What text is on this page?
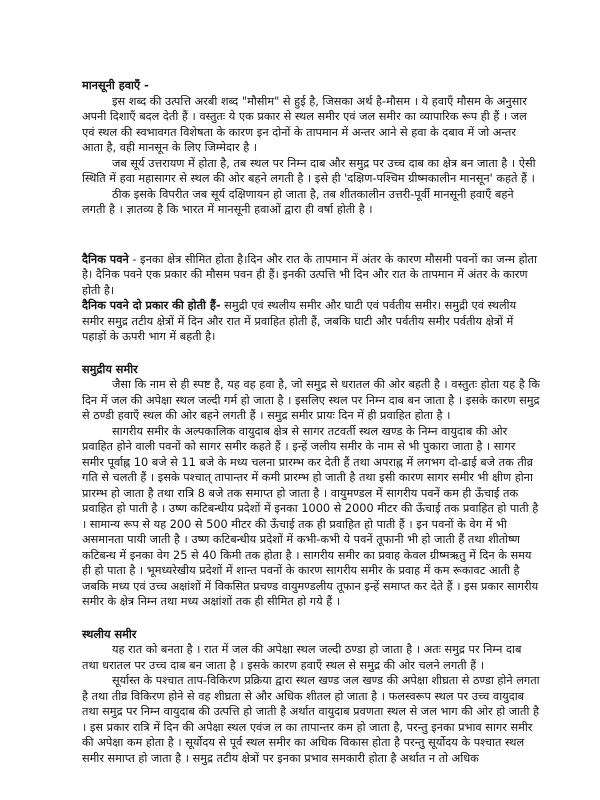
मानसूनी हवाएँ -

इस शब्द की उत्पत्ति अरबी शब्द "मौसीम" से हुई है, जिसका अर्थ है-मौसम । ये हवाएँ मौसम के अनुसार अपनी दिशाएँ बदल देती हैं । वस्तुतः ये एक प्रकार से स्थल समीर एवं जल समीर का व्यापारिक रूप ही हैं । जल एवं स्थल की स्वभावगत विशेषता के कारण इन दोनों के तापमान में अन्तर आने से हवा के दबाव में जो अन्तर आता है, वही मानसून के लिए जिम्मेदार है ।

जब सूर्य उत्तरायण में होता है, तब स्थल पर निम्न दाब और समुद्र पर उच्च दाब का क्षेत्र बन जाता है । ऐसी स्थिति में हवा महासागर से स्थल की ओर बहने लगती है । इसे ही 'दक्षिण-पश्चिम ग्रीष्मकालीन मानसून' कहते हैं ।

ठीक इसके विपरीत जब सूर्य दक्षिणायन हो जाता है, तब शीतकालीन उत्तरी-पूर्वी मानसूनी हवाएँ बहने लगती है । ज्ञातव्य है कि भारत में मानसूनी हवाओं द्वारा ही वर्षा होती है ।

दैनिक पवने - इनका क्षेत्र सीमित होता है।दिन और रात के तापमान में अंतर के कारण मौसमी पवनों का जन्म होता है। दैनिक पवने एक प्रकार की मौसम पवन ही हैं। इनकी उत्पत्ति भी दिन और रात के तापमान में अंतर के कारण होती है।

दैनिक पवने दो प्रकार की होती हैं- समुद्री एवं स्थलीय समीर और घाटी एवं पर्वतीय समीर। समुद्री एवं स्थलीय समीर समुद्र तटीय क्षेत्रों में दिन और रात में प्रवाहित होती हैं, जबकि घाटी और पर्वतीय समीर पर्वतीय क्षेत्रों में पहाड़ों के ऊपरी भाग में बहती है।

समुद्रीय समीर

जैसा कि नाम से ही स्पष्ट है, यह वह हवा है, जो समुद्र से धरातल की ओर बहती है । वस्तुतः होता यह है कि दिन में जल की अपेक्षा स्थल जल्दी गर्म हो जाता है । इसलिए स्थल पर निम्न दाब बन जाता है । इसके कारण समुद्र से ठण्डी हवाएँ स्थल की ओर बहने लगती हैं । समुद्र समीर प्रायः दिन में ही प्रवाहित होता है ।

सागरीय समीर के अल्पकालिक वायुदाब क्षेत्र से सागर तटवर्ती स्थल खण्ड के निम्न वायुदाब की ओर प्रवाहित होने वाली पवनों को सागर समीर कहते हैं । इन्हें जलीय समीर के नाम से भी पुकारा जाता है । सागर समीर पूर्वाह्न 10 बजे से 11 बजे के मध्य चलना प्रारम्भ कर देती हैं तथा अपराह्न में लगभग दो-ढाई बजे तक तीव्र गति से चलती हैं । इसके पश्चात् तापान्तर में कमी प्रारम्भ हो जाती है तथा इसी कारण सागर समीर भी क्षीण होना प्रारम्भ हो जाता है तथा रात्रि 8 बजे तक समाप्त हो जाता है । वायुमण्डल में सागरीय पवनें कम ही ऊँचाई तक प्रवाहित हो पाती है । उष्ण कटिबन्धीय प्रदेशों में इनका 1000 से 2000 मीटर की ऊँचाई तक प्रवाहित हो पाती है । सामान्य रूप से यह 200 से 500 मीटर की ऊँचाई तक ही प्रवाहित हो पाती हैं । इन पवनों के वेग में भी असमानता पायी जाती है । उष्ण कटिबन्धीय प्रदेशों में कभी-कभी ये पवनें तूफानी भी हो जाती हैं तथा शीतोष्ण कटिबन्ध में इनका वेग 25 से 40 किमी तक होता है । सागरीय समीर का प्रवाह केवल ग्रीष्मऋतु में दिन के समय ही हो पाता है । भूमध्यरेखीय प्रदेशों में शान्त पवनों के कारण सागरीय समीर के प्रवाह में कम रूकावट आती है जबकि मध्य एवं उच्च अक्षांशों में विकसित प्रचण्ड वायुमण्डलीय तूफान इन्हें समाप्त कर देते हैं । इस प्रकार सागरीय समीर के क्षेत्र निम्न तथा मध्य अक्षांशों तक ही सीमित हो गये हैं ।

स्थलीय समीर

यह रात को बनता है । रात में जल की अपेक्षा स्थल जल्दी ठण्डा हो जाता है । अतः समुद्र पर निम्न दाब तथा धरातल पर उच्च दाब बन जाता है । इसके कारण हवाएँ स्थल से समुद्र की ओर चलने लगती हैं ।

सूर्यास्त के पश्चात ताप-विकिरण प्रक्रिया द्वारा स्थल खण्ड जल खण्ड की अपेक्षा शीघ्रता से ठण्डा होने लगता है तथा तीव्र विकिरण होने से वह शीघ्रता से और अधिक शीतल हो जाता है । फलस्वरूप स्थल पर उच्च वायुदाब तथा समुद्र पर निम्न वायुदाब की उत्पत्ति हो जाती है अर्थात वायुदाब प्रवणता स्थल से जल भाग की ओर हो जाती है । इस प्रकार रात्रि में दिन की अपेक्षा स्थल एवंज ल का तापान्तर कम हो जाता है, परन्तु इनका प्रभाव सागर समीर की अपेक्षा कम होता है । सूर्योदय से पूर्व स्थल समीर का अधिक विकास होता है परन्तु सूर्योदय के पश्चात स्थल समीर समाप्त हो जाता है । समुद्र तटीय क्षेत्रों पर इनका प्रभाव समकारी होता है अर्थात न तो अधिक
